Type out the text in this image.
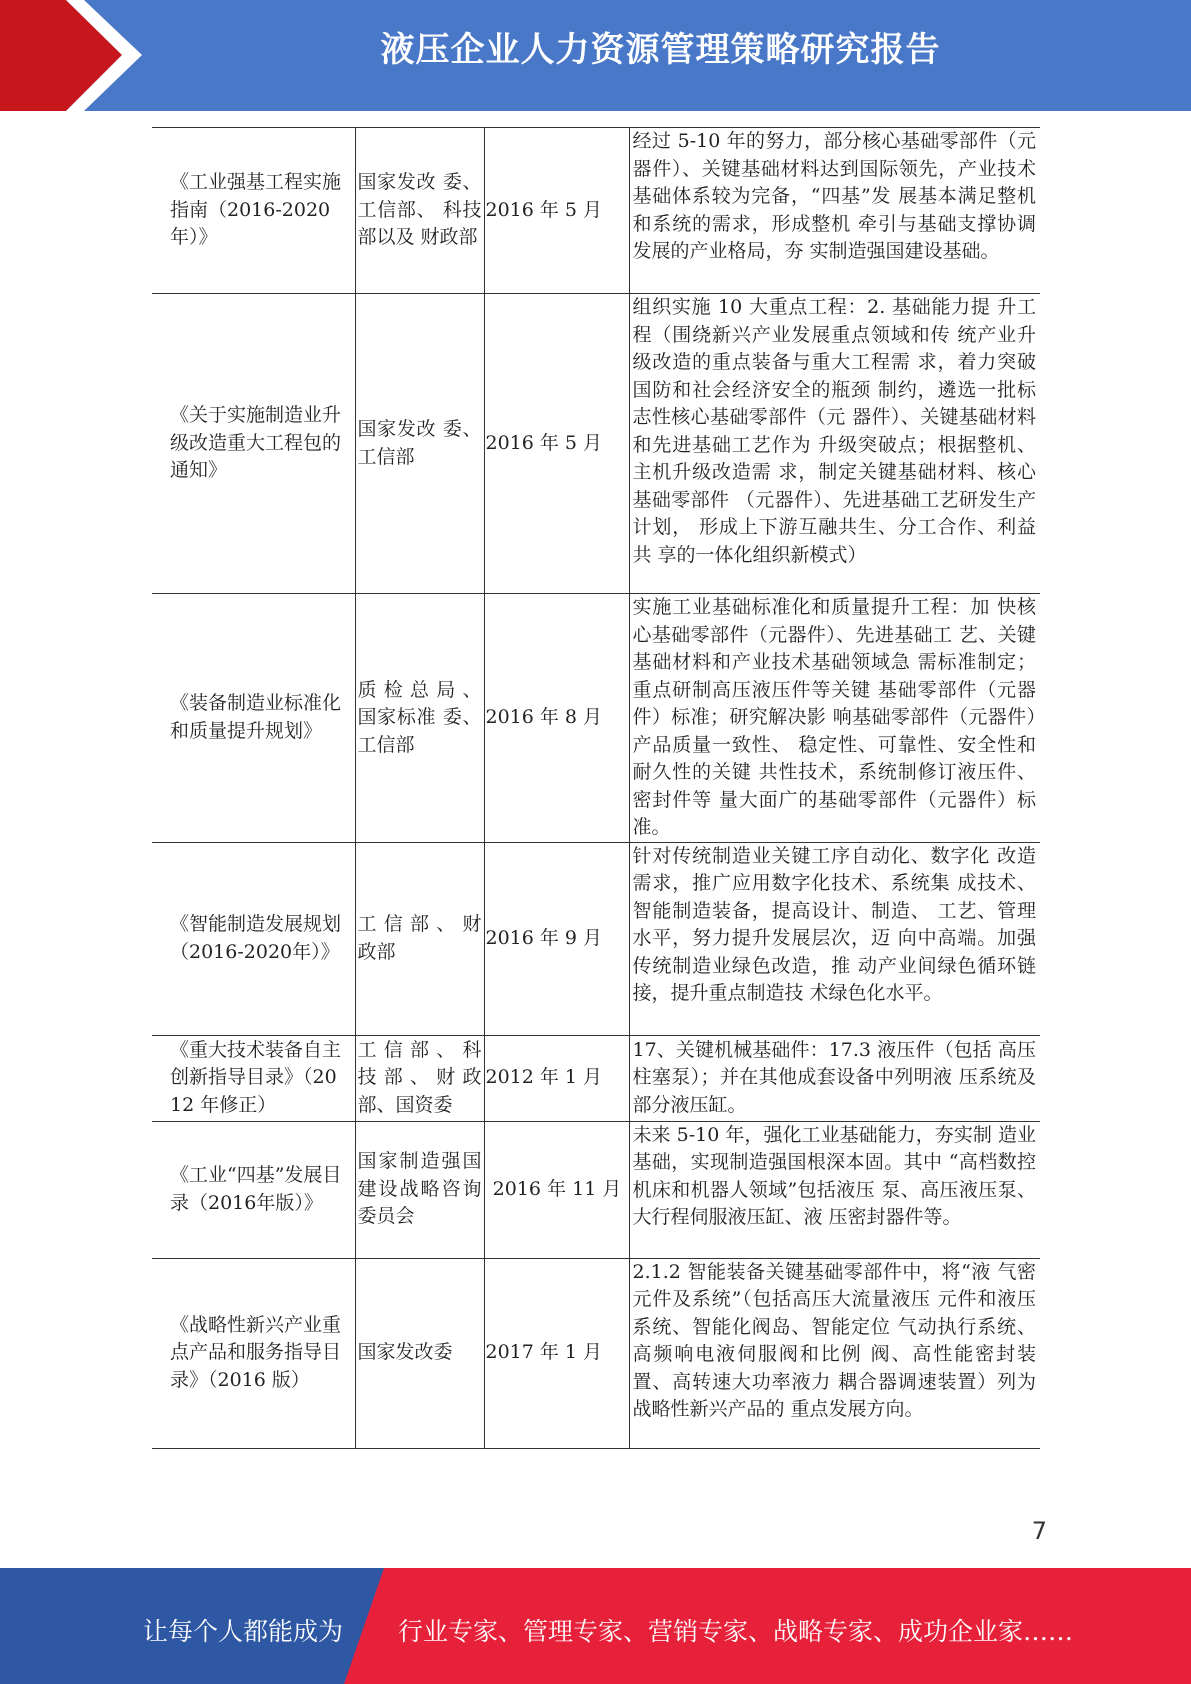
液压企业人力资源管理策略研究报告
《工业强基工程实施指南（2016-2020年）》	国家发改 委、工信部、 科技部以及 财政部	2016 年 5 月	经过 5-10 年的努力，部分核心基础零部件（元器件）、关键基础材料达到国际领先，产业技术基础体系较为完备，“四基”发 展基本满足整机和系统的需求，形成整机 牵引与基础支撑协调发展的产业格局，夯 实制造强国建设基础。
《关于实施制造业升级改造重大工程包的通知》	国家发改 委、工信部	2016 年 5 月	组织实施 10 大重点工程：2. 基础能力提 升工程（围绕新兴产业发展重点领域和传 统产业升级改造的重点装备与重大工程需 求，着力突破国防和社会经济安全的瓶颈 制约，遴选一批标志性核心基础零部件（元 器件）、关键基础材料和先进基础工艺作为 升级突破点；根据整机、主机升级改造需 求，制定关键基础材料、核心基础零部件 （元器件）、先进基础工艺研发生产计划， 形成上下游互融共生、分工合作、利益共 享的一体化组织新模式）
《装备制造业标准化和质量提升规划》	质 检 总 局 、国家标准 委、工信部	2016 年 8 月	实施工业基础标准化和质量提升工程：加 快核心基础零部件（元器件）、先进基础工 艺、关键基础材料和产业技术基础领域急 需标准制定；重点研制高压液压件等关键 基础零部件（元器件）标准；研究解决影 响基础零部件（元器件）产品质量一致性、 稳定性、可靠性、安全性和耐久性的关键 共性技术，系统制修订液压件、密封件等 量大面广的基础零部件（元器件）标准。
《智能制造发展规划（2016-2020年）》	工 信 部 、 财政部	2016 年 9 月	针对传统制造业关键工序自动化、数字化 改造需求，推广应用数字化技术、系统集 成技术、智能制造装备，提高设计、制造、 工艺、管理水平，努力提升发展层次，迈 向中高端。加强传统制造业绿色改造，推 动产业间绿色循环链接，提升重点制造技 术绿色化水平。
《重大技术装备自主创新指导目录》（2012 年修正）	工 信 部 、 科技部、财政部、国资委	2012 年 1 月	17、关键机械基础件：17.3 液压件（包括 高压柱塞泵）；并在其他成套设备中列明液 压系统及部分液压缸。
《工业“四基”发展目录（2016年版）》	国家制造强国建设战略咨询委员会	2016 年 11 月	未来 5-10 年，强化工业基础能力，夯实制 造业基础，实现制造强国根深本固。其中 “高档数控机床和机器人领域”包括液压 泵、高压液压泵、大行程伺服液压缸、液 压密封器件等。
《战略性新兴产业重点产品和服务指导目录》（2016 版）	国家发改委	2017 年 1 月	2.1.2 智能装备关键基础零部件中，将“液 气密元件及系统”（包括高压大流量液压 元件和液压系统、智能化阀岛、智能定位 气动执行系统、高频响电液伺服阀和比例 阀、高性能密封装置、高转速大功率液力 耦合器调速装置）列为战略性新兴产品的 重点发展方向。
7
让每个人都能成为 行业专家、管理专家、营销专家、战略专家、成功企业家……
